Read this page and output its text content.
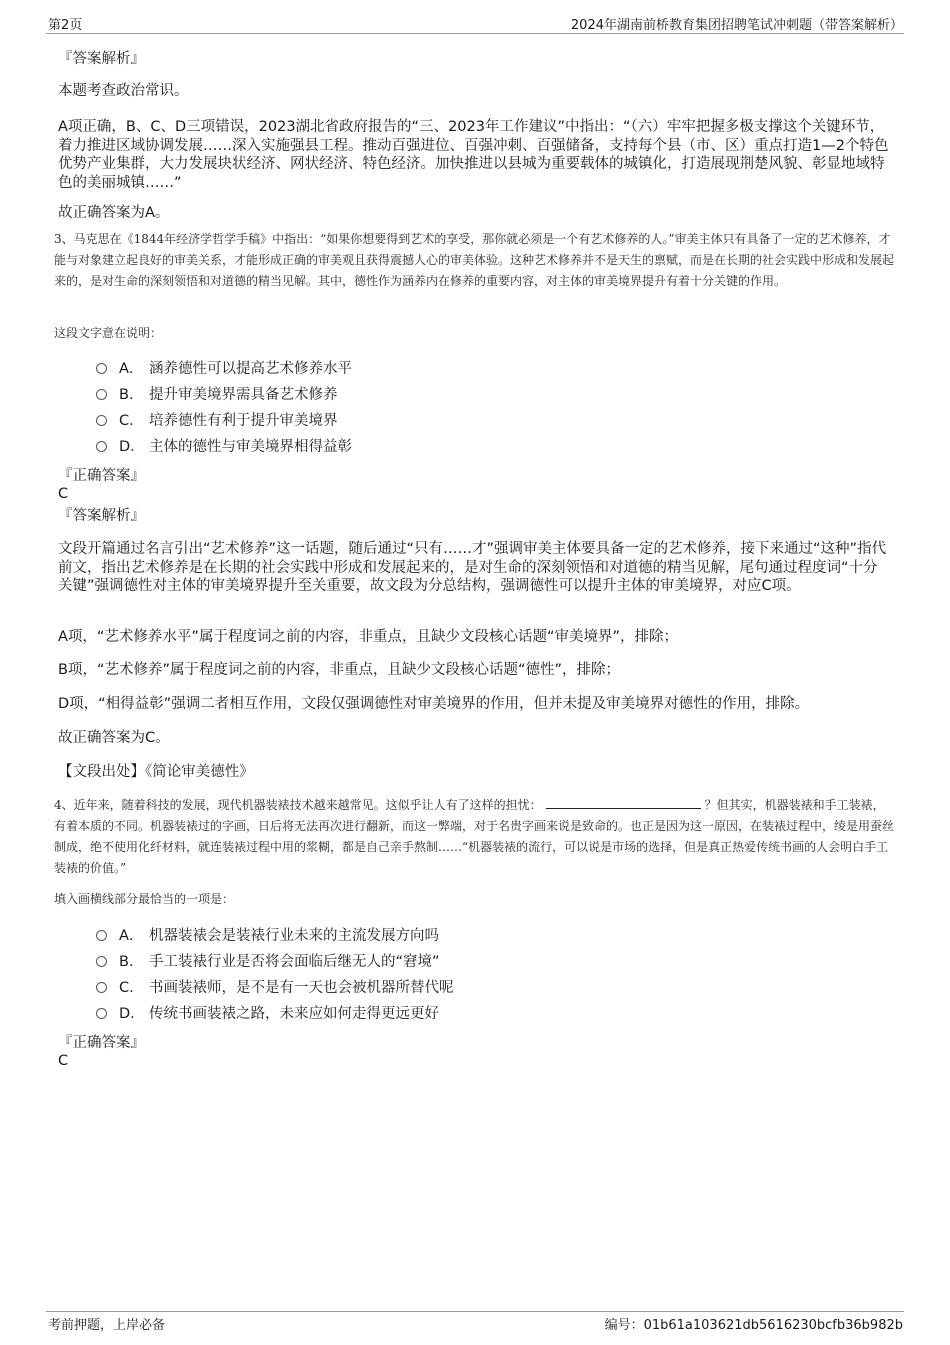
第2页	2024年湖南前桥教育集团招聘笔试冲刺题（带答案解析）

『答案解析』

本题考查政治常识。

A项正确，B、C、D三项错误，2023湖北省政府报告的“三、2023年工作建议”中指出：“（六）牢牢把握多极支撑这个关键环节，着力推进区域协调发展……深入实施强县工程。推动百强进位、百强冲刺、百强储备，支持每个县（市、区）重点打造1—2个特色优势产业集群，大力发展块状经济、网状经济、特色经济。加快推进以县城为重要载体的城镇化，打造展现荆楚风貌、彰显地域特色的美丽城镇……”

故正确答案为A。

3、马克思在《1844年经济学哲学手稿》中指出：“如果你想要得到艺术的享受，那你就必须是一个有艺术修养的人。”审美主体只有具备了一定的艺术修养，才能与对象建立起良好的审美关系，才能形成正确的审美观且获得震撼人心的审美体验。这种艺术修养并不是天生的禀赋，而是在长期的社会实践中形成和发展起来的，是对生命的深刻领悟和对道德的精当见解。其中，德性作为涵养内在修养的重要内容，对主体的审美境界提升有着十分关键的作用。

这段文字意在说明：

A． 涵养德性可以提高艺术修养水平
B． 提升审美境界需具备艺术修养
C． 培养德性有利于提升审美境界
D． 主体的德性与审美境界相得益彰

『正确答案』

C

『答案解析』

文段开篇通过名言引出“艺术修养”这一话题，随后通过“只有……才”强调审美主体要具备一定的艺术修养，接下来通过“这种”指代前文，指出艺术修养是在长期的社会实践中形成和发展起来的，是对生命的深刻领悟和对道德的精当见解，尾句通过程度词“十分关键”强调德性对主体的审美境界提升至关重要，故文段为分总结构，强调德性可以提升主体的审美境界，对应C项。

A项，“艺术修养水平”属于程度词之前的内容，非重点，且缺少文段核心话题“审美境界”，排除；

B项，“艺术修养”属于程度词之前的内容，非重点，且缺少文段核心话题“德性”，排除；

D项，“相得益彰”强调二者相互作用，文段仅强调德性对审美境界的作用，但并未提及审美境界对德性的作用，排除。

故正确答案为C。

【文段出处】《简论审美德性》

4、近年来，随着科技的发展，现代机器装裱技术越来越常见。这似乎让人有了这样的担忧：	？但其实，机器装裱和手工装裱，有着本质的不同。机器装裱过的字画，日后将无法再次进行翻新，而这一弊端，对于名贵字画来说是致命的。也正是因为这一原因，在装裱过程中，绫是用蚕丝制成，绝不使用化纤材料，就连装裱过程中用的浆糊，都是自己亲手熬制……“机器装裱的流行，可以说是市场的选择，但是真正热爱传统书画的人会明白手工装裱的价值。”

填入画横线部分最恰当的一项是：

A． 机器装裱会是装裱行业未来的主流发展方向吗
B． 手工装裱行业是否将会面临后继无人的“窘境”
C． 书画装裱师，是不是有一天也会被机器所替代呢
D． 传统书画装裱之路，未来应如何走得更远更好

『正确答案』

C

考前押题，上岸必备	编号：01b61a103621db5616230bcfb36b982b
